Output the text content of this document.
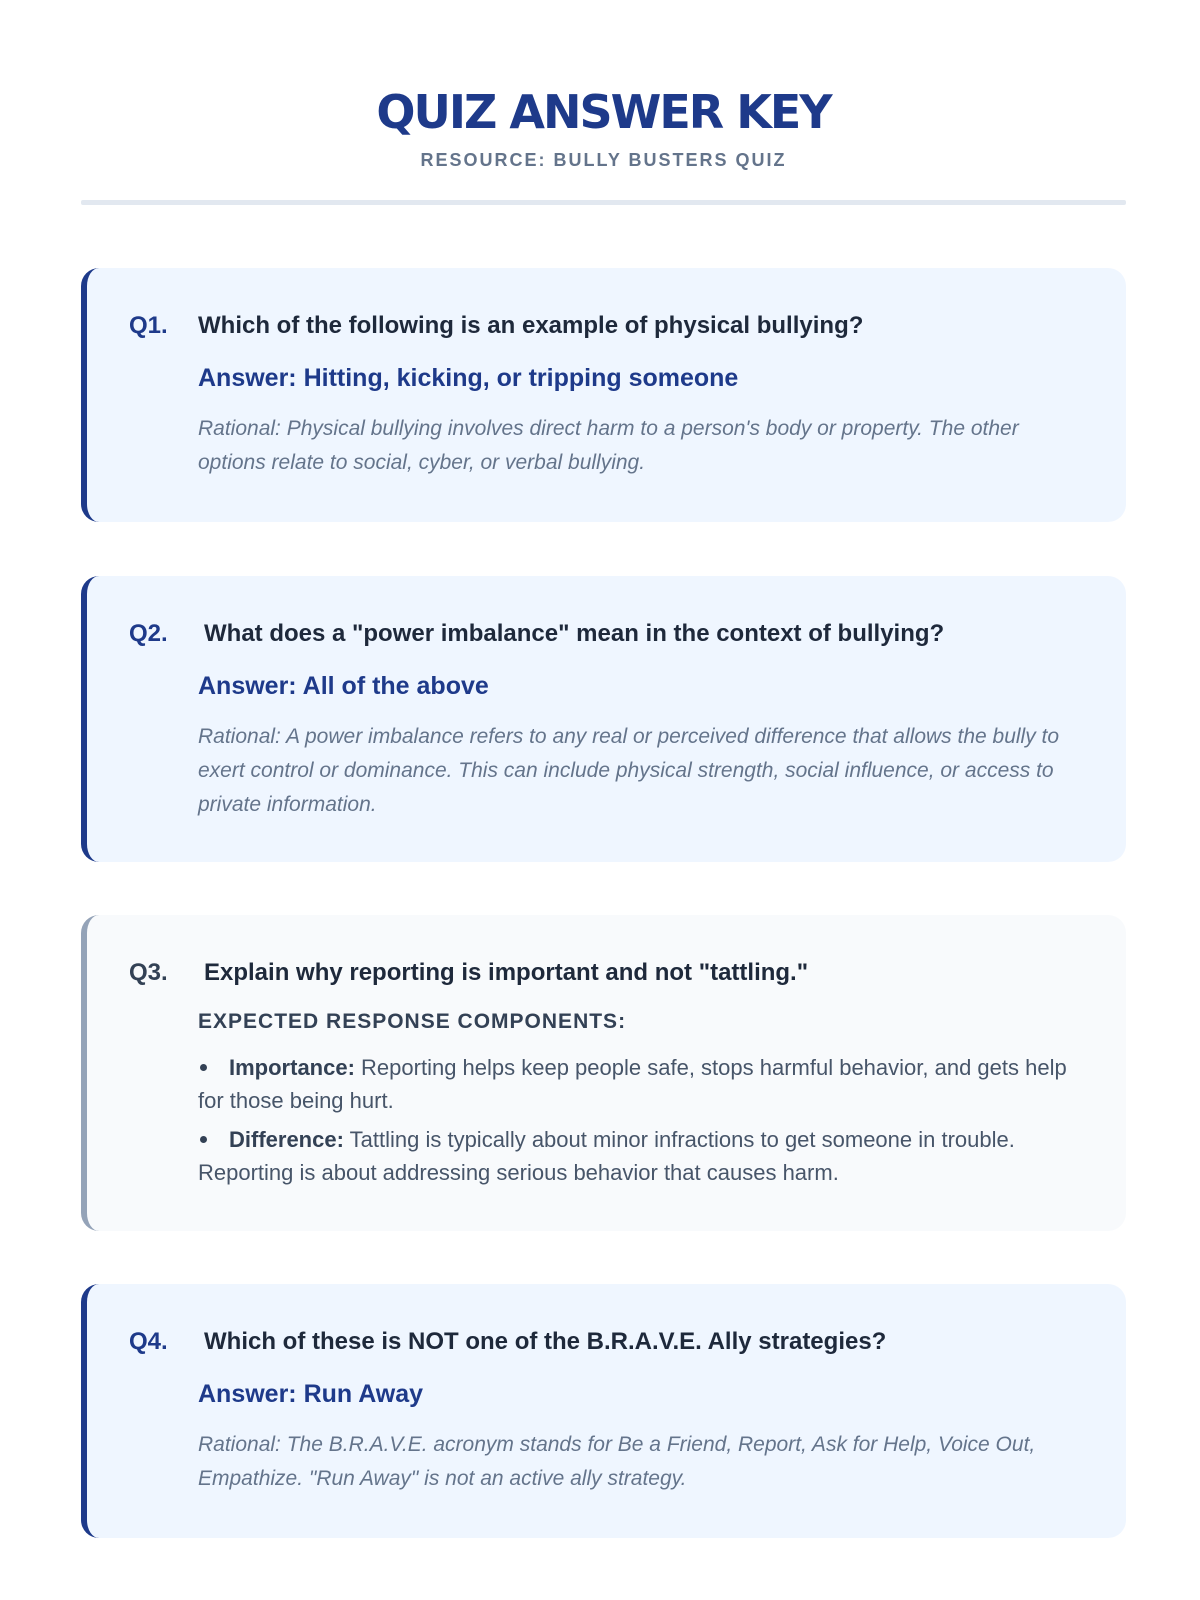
QUIZ ANSWER KEY
RESOURCE: BULLY BUSTERS QUIZ
Q1.	Which of the following is an example of physical bullying?
Answer: Hitting, kicking, or tripping someone
Rational: Physical bullying involves direct harm to a person's body or property. The other options relate to social, cyber, or verbal bullying.
Q2.	What does a "power imbalance" mean in the context of bullying?
Answer: All of the above
Rational: A power imbalance refers to any real or perceived difference that allows the bully to exert control or dominance. This can include physical strength, social influence, or access to private information.
Q3.	Explain why reporting is important and not "tattling."
EXPECTED RESPONSE COMPONENTS:
Importance: Reporting helps keep people safe, stops harmful behavior, and gets help for those being hurt.
Difference: Tattling is typically about minor infractions to get someone in trouble. Reporting is about addressing serious behavior that causes harm.
Q4.	Which of these is NOT one of the B.R.A.V.E. Ally strategies?
Answer: Run Away
Rational: The B.R.A.V.E. acronym stands for Be a Friend, Report, Ask for Help, Voice Out, Empathize. "Run Away" is not an active ally strategy.
